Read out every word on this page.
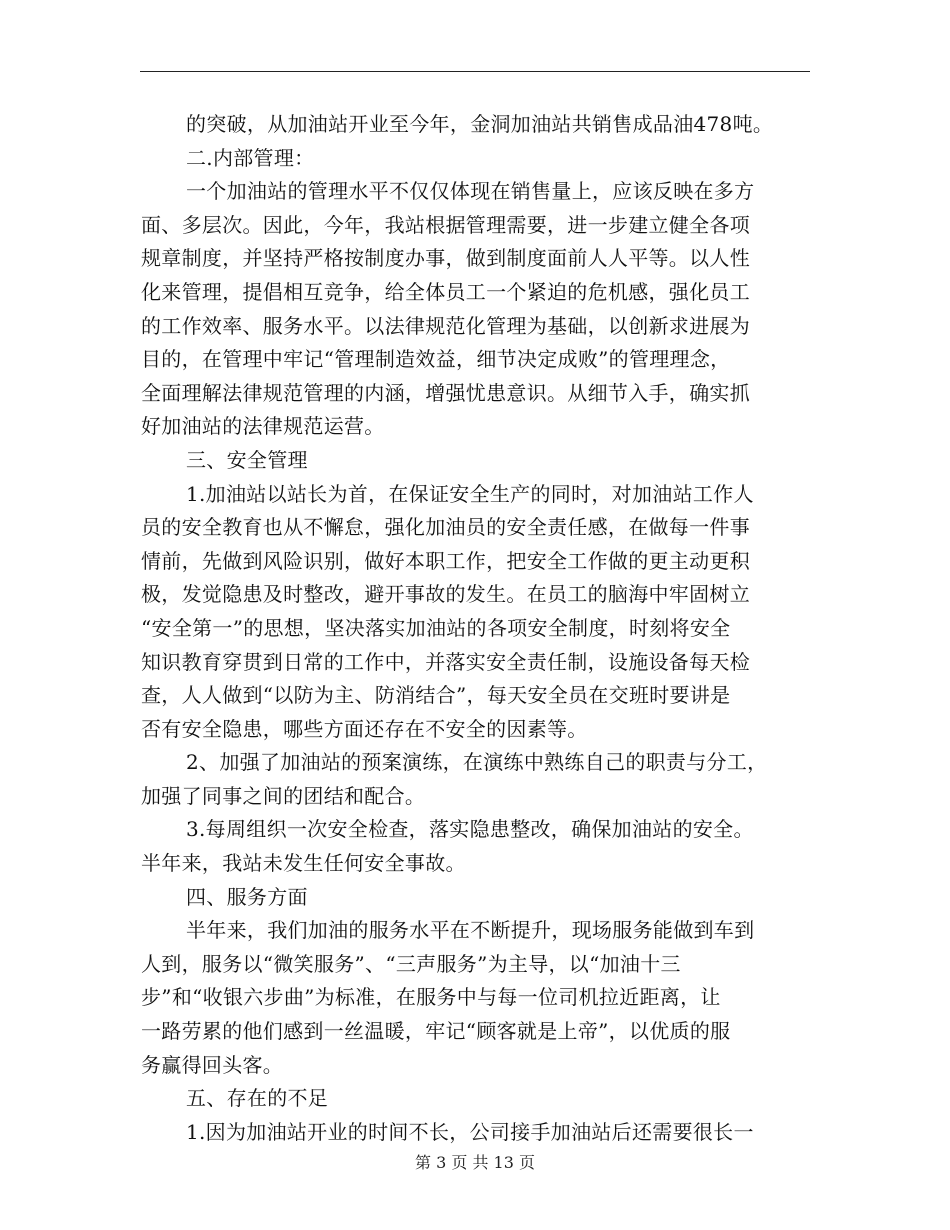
的突破，从加油站开业至今年，金洞加油站共销售成品油478吨。
二.内部管理：
一个加油站的管理水平不仅仅体现在销售量上，应该反映在多方
面、多层次。因此，今年，我站根据管理需要，进一步建立健全各项
规章制度，并坚持严格按制度办事，做到制度面前人人平等。以人性
化来管理，提倡相互竞争，给全体员工一个紧迫的危机感，强化员工
的工作效率、服务水平。以法律规范化管理为基础，以创新求进展为
目的，在管理中牢记“管理制造效益，细节决定成败”的管理理念，
全面理解法律规范管理的内涵，增强忧患意识。从细节入手，确实抓
好加油站的法律规范运营。
三、安全管理
1.加油站以站长为首，在保证安全生产的同时，对加油站工作人
员的安全教育也从不懈怠，强化加油员的安全责任感，在做每一件事
情前，先做到风险识别，做好本职工作，把安全工作做的更主动更积
极，发觉隐患及时整改，避开事故的发生。在员工的脑海中牢固树立
“安全第一”的思想，坚决落实加油站的各项安全制度，时刻将安全
知识教育穿贯到日常的工作中，并落实安全责任制，设施设备每天检
查，人人做到“以防为主、防消结合”，每天安全员在交班时要讲是
否有安全隐患，哪些方面还存在不安全的因素等。
2、加强了加油站的预案演练，在演练中熟练自己的职责与分工，
加强了同事之间的团结和配合。
3.每周组织一次安全检查，落实隐患整改，确保加油站的安全。
半年来，我站未发生任何安全事故。
四、服务方面
半年来，我们加油的服务水平在不断提升，现场服务能做到车到
人到，服务以“微笑服务”、“三声服务”为主导，以“加油十三
步”和“收银六步曲”为标准，在服务中与每一位司机拉近距离，让
一路劳累的他们感到一丝温暖，牢记“顾客就是上帝”，以优质的服
务赢得回头客。
五、存在的不足
1.因为加油站开业的时间不长，公司接手加油站后还需要很长一
第 3 页 共 13 页
